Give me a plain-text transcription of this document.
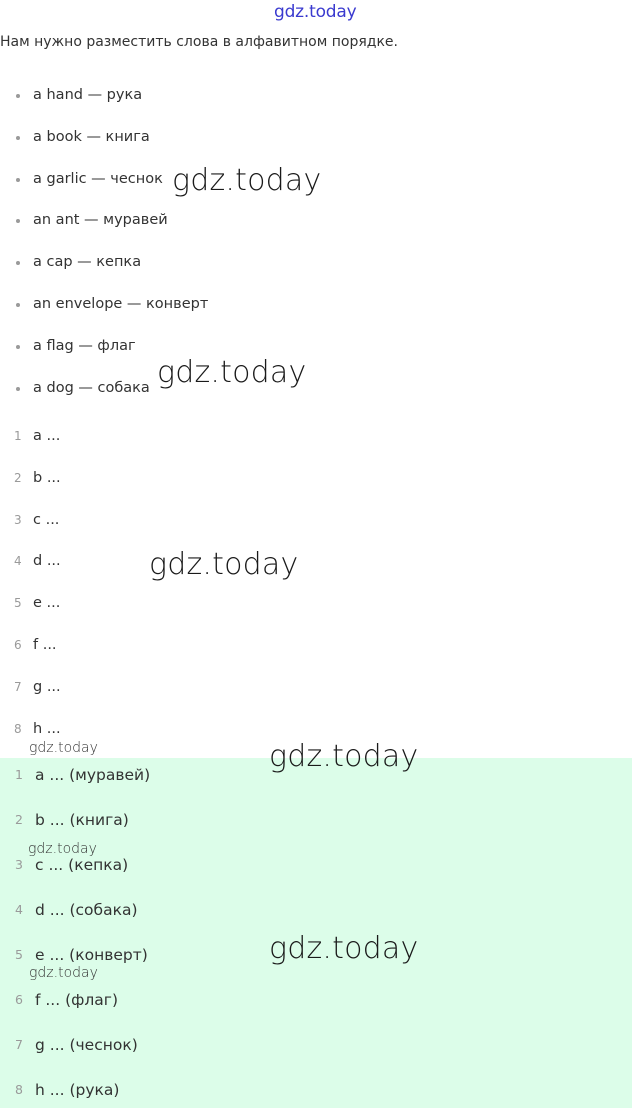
gdz.today
Нам нужно разместить слова в алфавитном порядке.
a hand — рука
a book — книга
a garlic — чеснок
an ant — муравей
a cap — кепка
an envelope — конверт
a flag — флаг
a dog — собака
1 a ...
2 b ...
3 c ...
4 d ...
5 e ...
6 f ...
7 g ...
8 h ...
1 a ... (муравей)
2 b ... (книга)
3 c ... (кепка)
4 d ... (собака)
5 e ... (конверт)
6 f ... (флаг)
7 g ... (чеснок)
8 h ... (рука)
gdz.today
gdz.today
gdz.today
gdz.today
gdz.today
gdz.today
gdz.today
gdz.today
